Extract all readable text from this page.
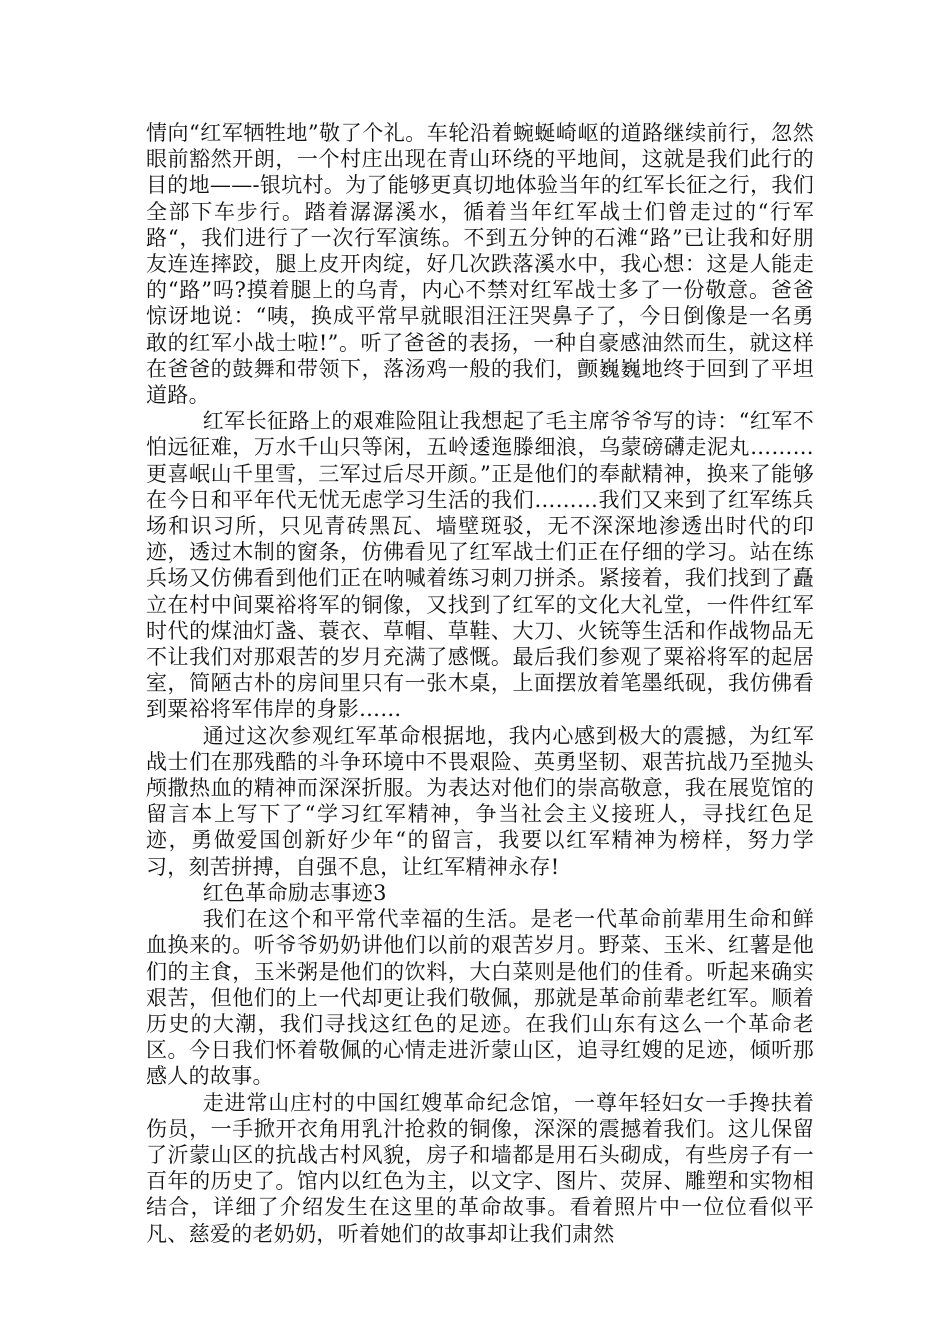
情向“红军牺牲地”敬了个礼。车轮沿着蜿蜒崎岖的道路继续前行，忽然眼前豁然开朗，一个村庄出现在青山环绕的平地间，这就是我们此行的目的地——-银坑村。为了能够更真切地体验当年的红军长征之行，我们全部下车步行。踏着潺潺溪水，循着当年红军战士们曾走过的“行军路“，我们进行了一次行军演练。不到五分钟的石滩“路”已让我和好朋友连连摔跤，腿上皮开肉绽，好几次跌落溪水中，我心想：这是人能走的“路”吗?摸着腿上的乌青，内心不禁对红军战士多了一份敬意。爸爸惊讶地说：“咦，换成平常早就眼泪汪汪哭鼻子了，今日倒像是一名勇敢的红军小战士啦!”。听了爸爸的表扬，一种自豪感油然而生，就这样在爸爸的鼓舞和带领下，落汤鸡一般的我们，颤巍巍地终于回到了平坦道路。

红军长征路上的艰难险阻让我想起了毛主席爷爷写的诗：“红军不怕远征难，万水千山只等闲，五岭逶迤滕细浪，乌蒙磅礴走泥丸………更喜岷山千里雪，三军过后尽开颜。”正是他们的奉献精神，换来了能够在今日和平年代无忧无虑学习生活的我们………我们又来到了红军练兵场和识习所，只见青砖黑瓦、墙壁斑驳，无不深深地渗透出时代的印迹，透过木制的窗条，仿佛看见了红军战士们正在仔细的学习。站在练兵场又仿佛看到他们正在呐喊着练习刺刀拼杀。紧接着，我们找到了矗立在村中间粟裕将军的铜像，又找到了红军的文化大礼堂，一件件红军时代的煤油灯盏、蓑衣、草帽、草鞋、大刀、火铳等生活和作战物品无不让我们对那艰苦的岁月充满了感慨。最后我们参观了粟裕将军的起居室，简陋古朴的房间里只有一张木桌，上面摆放着笔墨纸砚，我仿佛看到粟裕将军伟岸的身影……

通过这次参观红军革命根据地，我内心感到极大的震撼，为红军战士们在那残酷的斗争环境中不畏艰险、英勇坚韧、艰苦抗战乃至抛头颅撒热血的精神而深深折服。为表达对他们的崇高敬意，我在展览馆的留言本上写下了“学习红军精神，争当社会主义接班人，寻找红色足迹，勇做爱国创新好少年“的留言，我要以红军精神为榜样，努力学习，刻苦拼搏，自强不息，让红军精神永存!

红色革命励志事迹3

我们在这个和平常代幸福的生活。是老一代革命前辈用生命和鲜血换来的。听爷爷奶奶讲他们以前的艰苦岁月。野菜、玉米、红薯是他们的主食，玉米粥是他们的饮料，大白菜则是他们的佳肴。听起来确实艰苦，但他们的上一代却更让我们敬佩，那就是革命前辈老红军。顺着历史的大潮，我们寻找这红色的足迹。在我们山东有这么一个革命老区。今日我们怀着敬佩的心情走进沂蒙山区，追寻红嫂的足迹，倾听那感人的故事。

走进常山庄村的中国红嫂革命纪念馆，一尊年轻妇女一手搀扶着伤员，一手掀开衣角用乳汁抢救的铜像，深深的震撼着我们。这儿保留了沂蒙山区的抗战古村风貌，房子和墙都是用石头砌成，有些房子有一百年的历史了。馆内以红色为主，以文字、图片、荧屏、雕塑和实物相结合，详细了介绍发生在这里的革命故事。看着照片中一位位看似平凡、慈爱的老奶奶，听着她们的故事却让我们肃然
